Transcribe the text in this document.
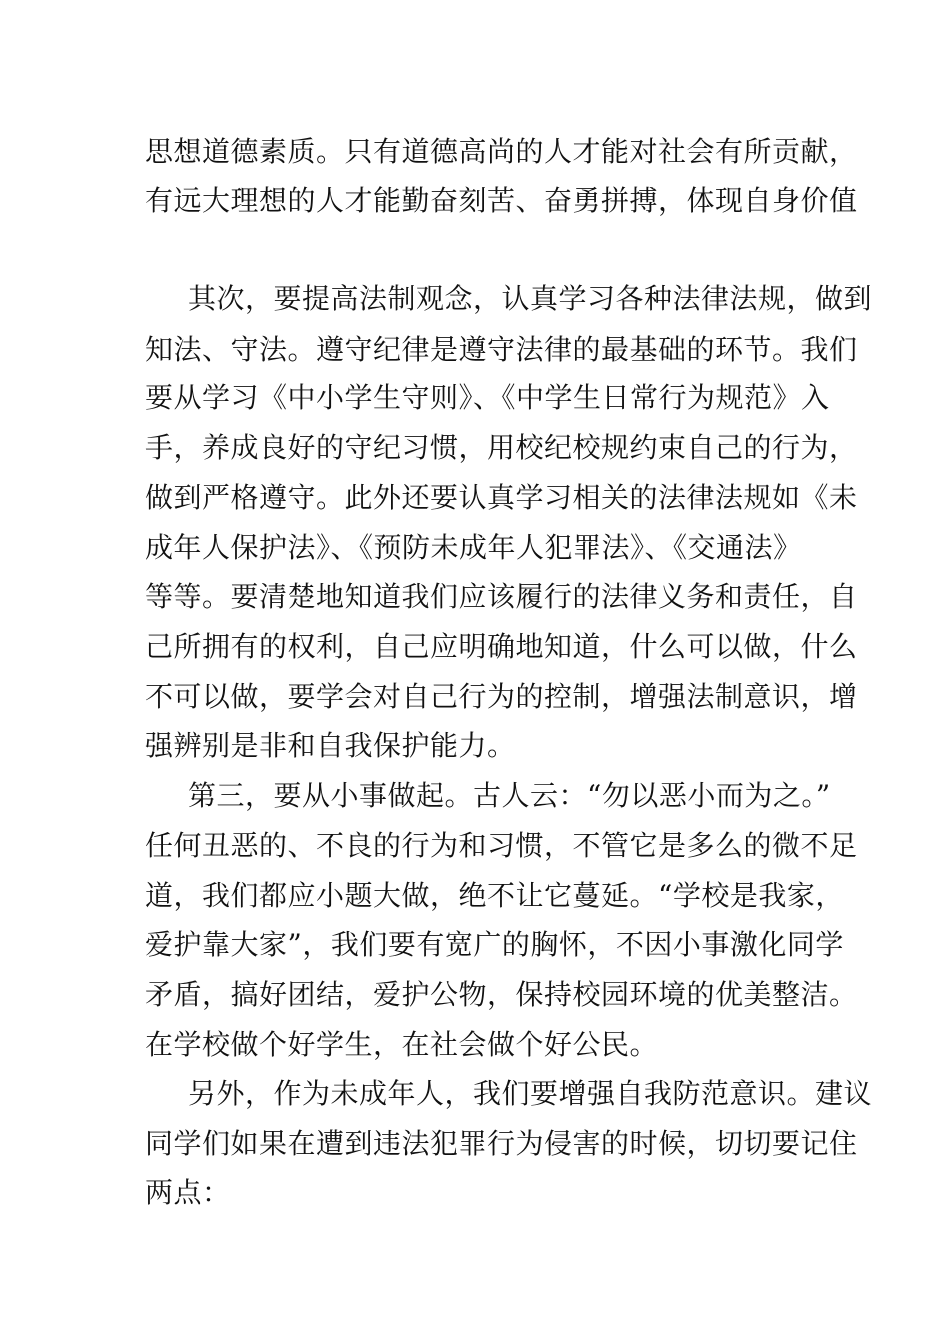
思想道德素质。只有道德高尚的人才能对社会有所贡献，
有远大理想的人才能勤奋刻苦、奋勇拼搏，体现自身价值
其次，要提高法制观念，认真学习各种法律法规，做到
知法、守法。遵守纪律是遵守法律的最基础的环节。我们
要从学习《中小学生守则》、《中学生日常行为规范》入
手，养成良好的守纪习惯，用校纪校规约束自己的行为，
做到严格遵守。此外还要认真学习相关的法律法规如《未
成年人保护法》、《预防未成年人犯罪法》、《交通法》
等等。要清楚地知道我们应该履行的法律义务和责任，自
己所拥有的权利，自己应明确地知道，什么可以做，什么
不可以做，要学会对自己行为的控制，增强法制意识，增
强辨别是非和自我保护能力。
第三，要从小事做起。古人云：“勿以恶小而为之。”
任何丑恶的、不良的行为和习惯，不管它是多么的微不足
道，我们都应小题大做，绝不让它蔓延。“学校是我家，
爱护靠大家”，我们要有宽广的胸怀，不因小事激化同学
矛盾，搞好团结，爱护公物，保持校园环境的优美整洁。
在学校做个好学生，在社会做个好公民。
另外，作为未成年人，我们要增强自我防范意识。建议
同学们如果在遭到违法犯罪行为侵害的时候，切切要记住
两点：
